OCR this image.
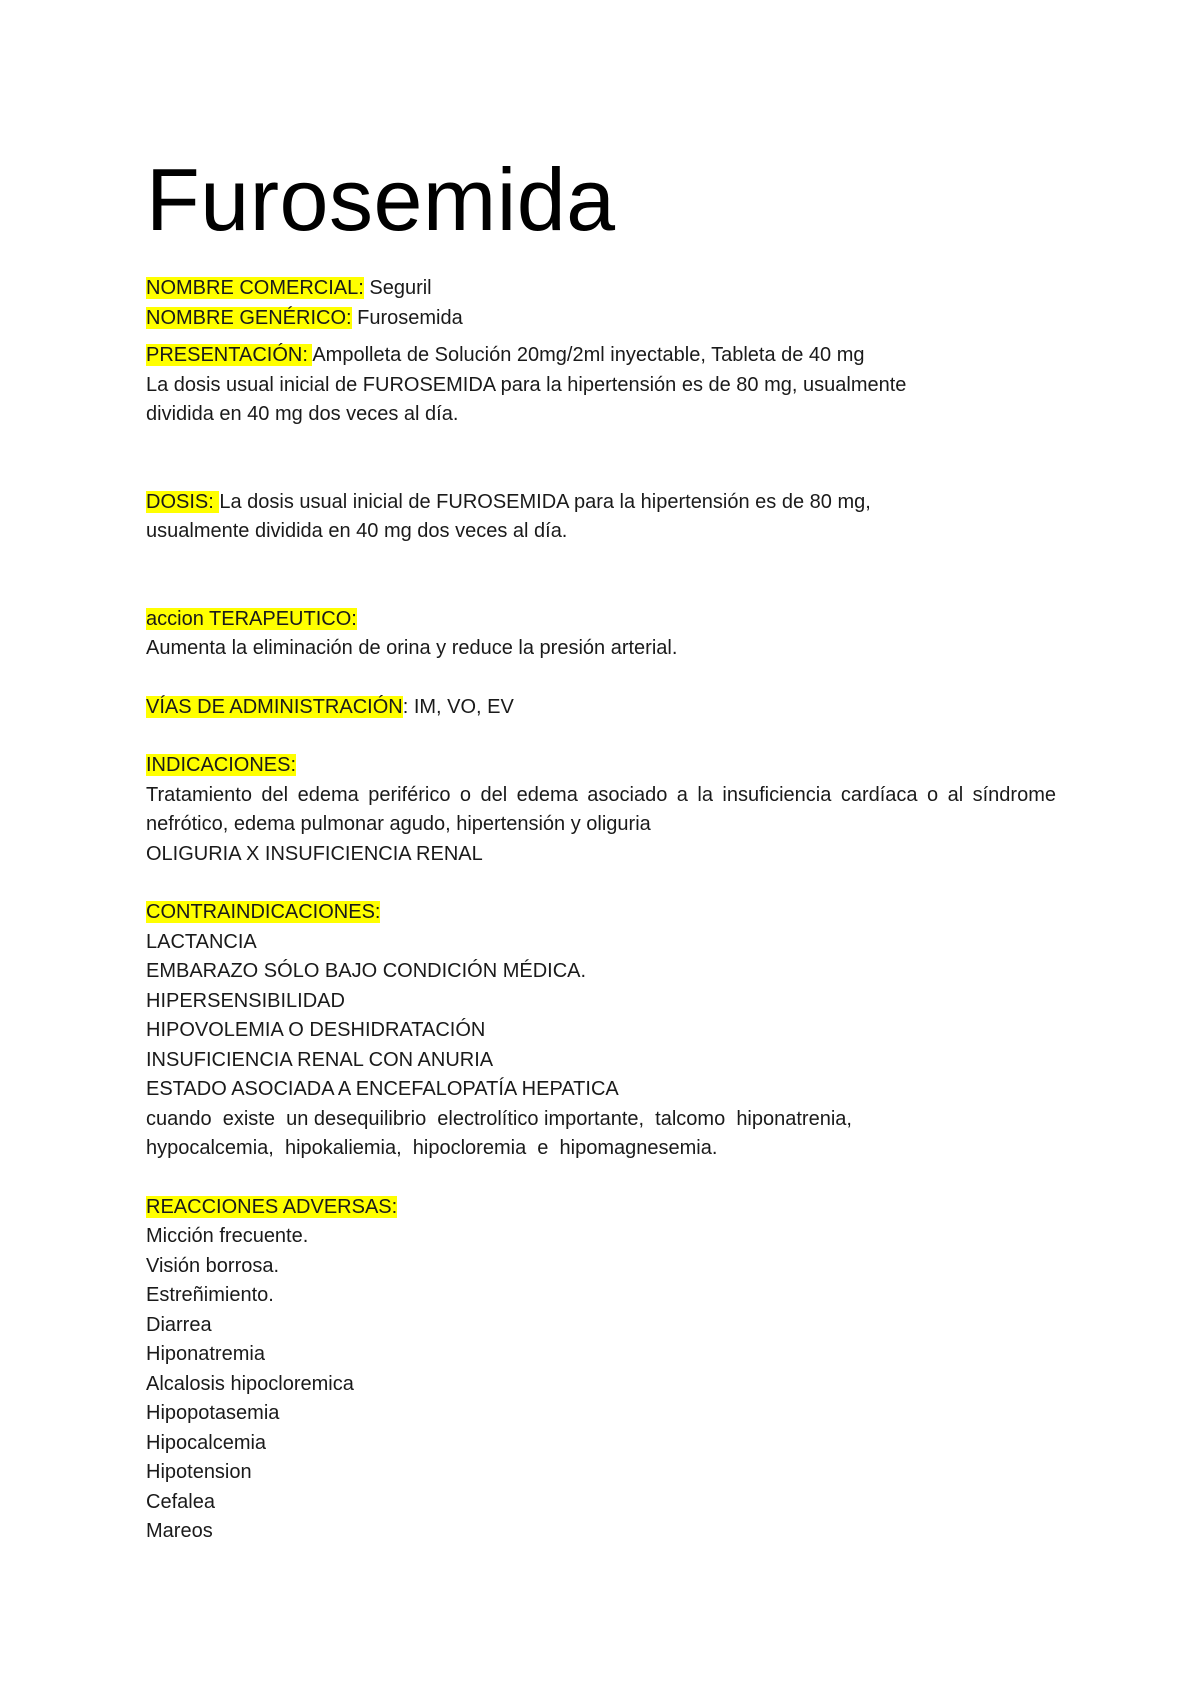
Furosemida
NOMBRE COMERCIAL: Seguril
NOMBRE GENÉRICO: Furosemida
PRESENTACIÓN: Ampolleta de Solución 20mg/2ml inyectable, Tableta de 40 mg
La dosis usual inicial de FUROSEMIDA para la hipertensión es de 80 mg, usualmente
dividida en 40 mg dos veces al día.
DOSIS: La dosis usual inicial de FUROSEMIDA para la hipertensión es de 80 mg,
usualmente dividida en 40 mg dos veces al día.
accion TERAPEUTICO:
Aumenta la eliminación de orina y reduce la presión arterial.
VÍAS DE ADMINISTRACIÓN: IM, VO, EV
INDICACIONES:
Tratamiento del edema periférico o del edema asociado a la insuficiencia cardíaca o al síndrome nefrótico, edema pulmonar agudo, hipertensión y oliguria
OLIGURIA X INSUFICIENCIA RENAL
CONTRAINDICACIONES:
LACTANCIA
EMBARAZO SÓLO BAJO CONDICIÓN MÉDICA.
HIPERSENSIBILIDAD
HIPOVOLEMIA O DESHIDRATACIÓN
INSUFICIENCIA RENAL CON ANURIA
ESTADO ASOCIADA A ENCEFALOPATÍA HEPATICA
cuando  existe  un desequilibrio  electrolítico importante,  talcomo  hiponatrenia,
hypocalcemia,  hipokaliemia,  hipocloremia  e  hipomagnesemia.
REACCIONES ADVERSAS:
Micción frecuente.
Visión borrosa.
Estreñimiento.
Diarrea
Hiponatremia
Alcalosis hipocloremica
Hipopotasemia
Hipocalcemia
Hipotension
Cefalea
Mareos
